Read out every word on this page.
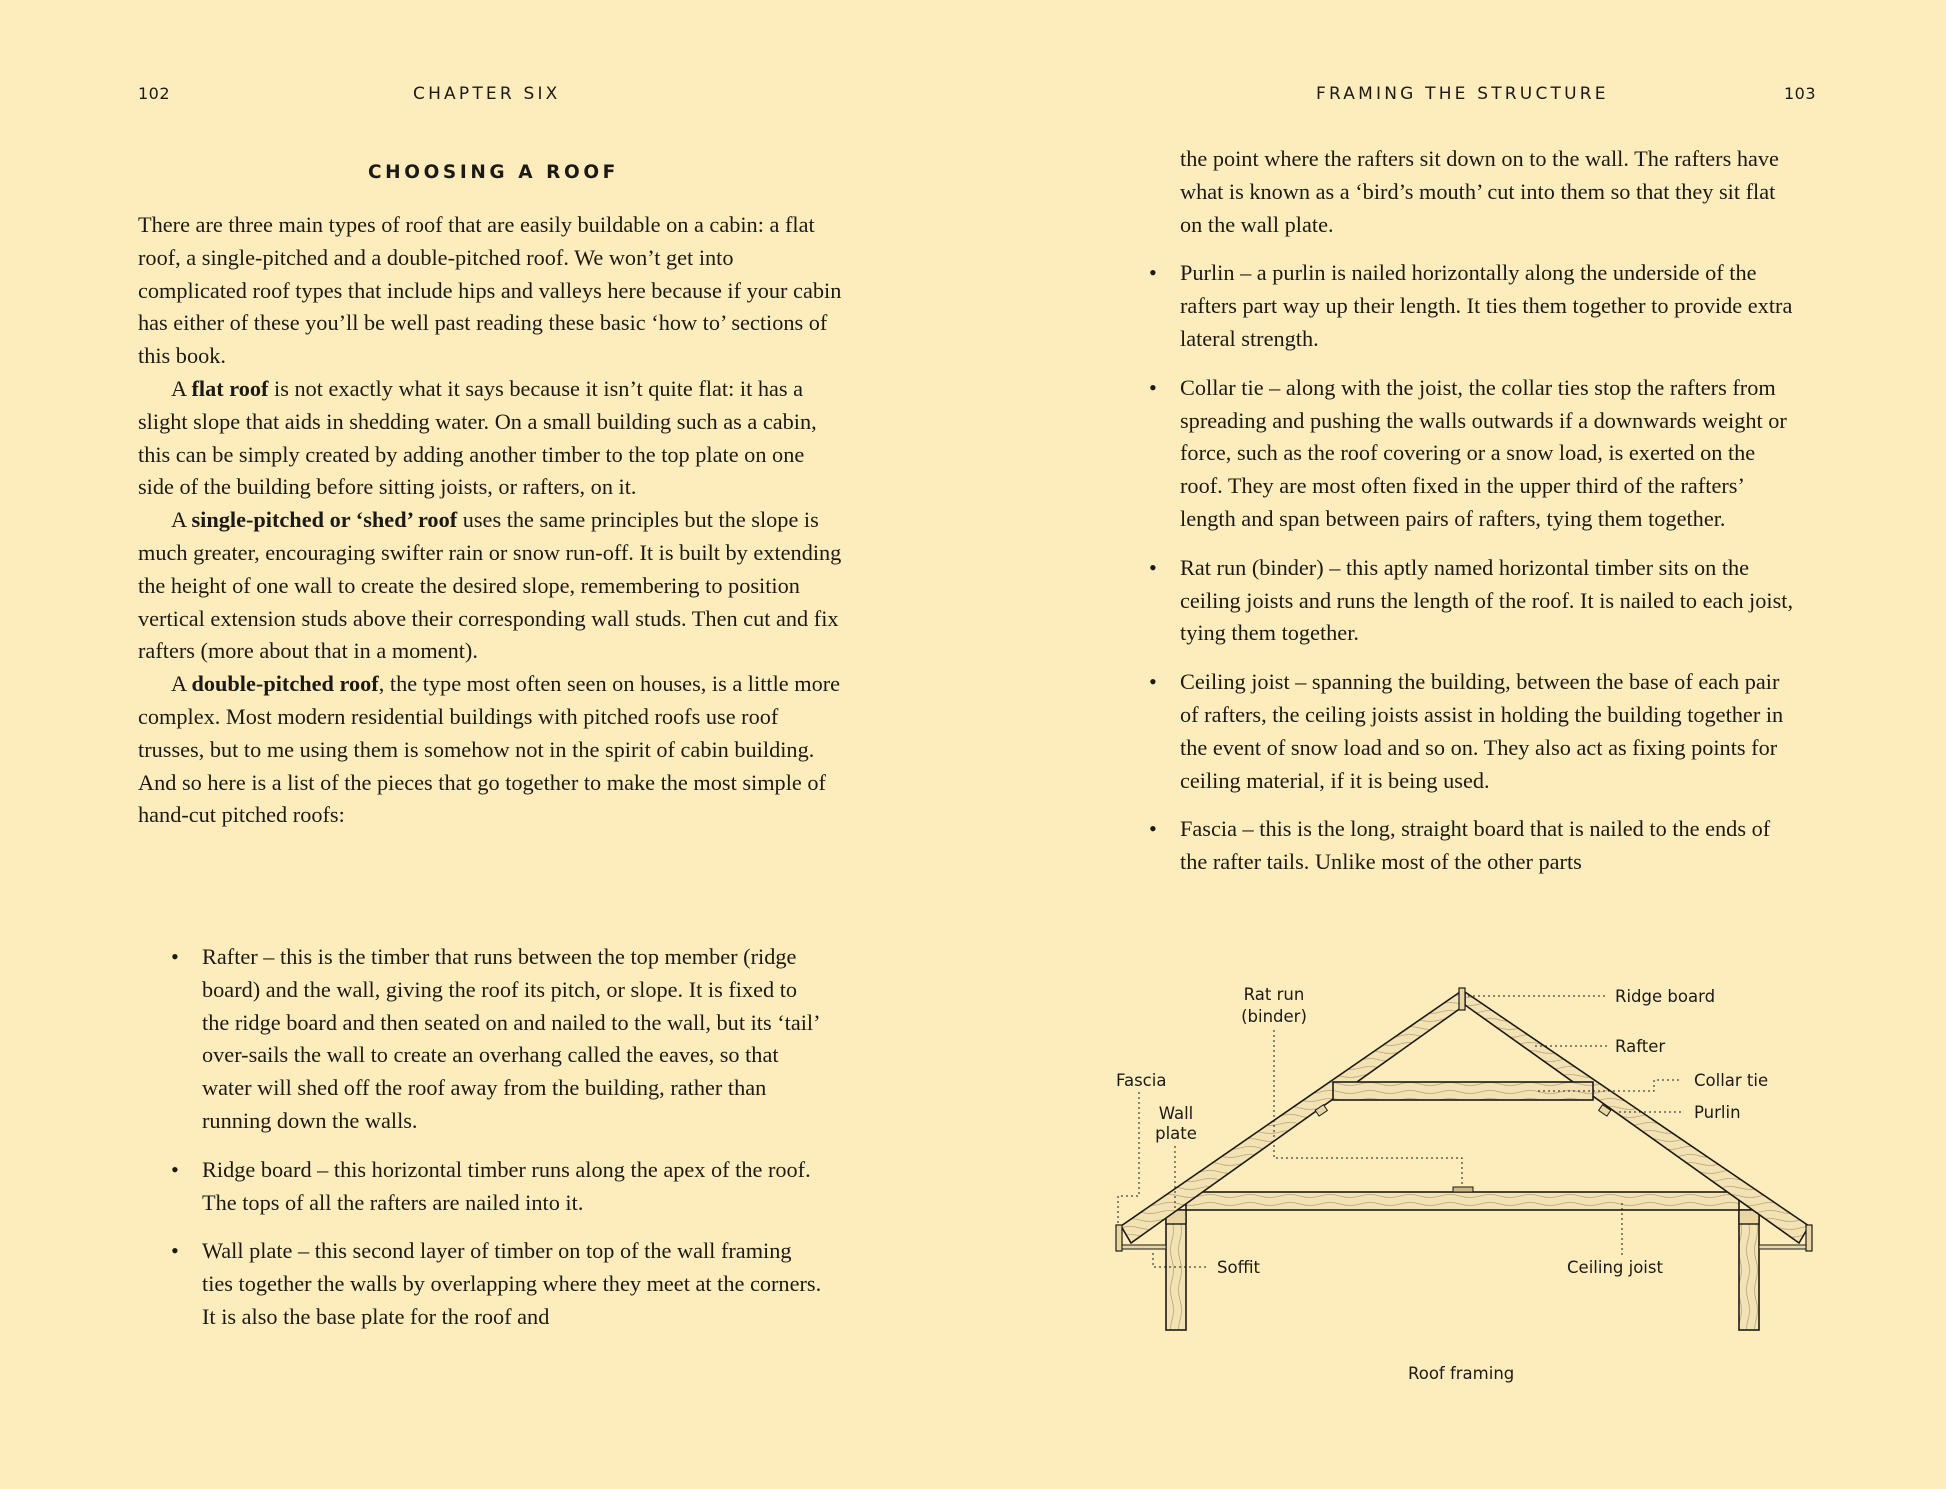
102	CHAPTER SIX
CHOOSING A ROOF

There are three main types of roof that are easily buildable on a cabin: a flat roof, a single-pitched and a double-pitched roof. We won’t get into complicated roof types that include hips and valleys here because if your cabin has either of these you’ll be well past reading these basic ‘how to’ sections of this book.

A flat roof is not exactly what it says because it isn’t quite flat: it has a slight slope that aids in shedding water. On a small building such as a cabin, this can be simply created by adding another timber to the top plate on one side of the building before sitting joists, or rafters, on it.

A single-pitched or ‘shed’ roof uses the same principles but the slope is much greater, encouraging swifter rain or snow run-off. It is built by extending the height of one wall to create the desired slope, remembering to position vertical extension studs above their corresponding wall studs. Then cut and fix rafters (more about that in a moment).

A double-pitched roof, the type most often seen on houses, is a little more complex. Most modern residential buildings with pitched roofs use roof trusses, but to me using them is somehow not in the spirit of cabin building. And so here is a list of the pieces that go together to make the most simple of hand-cut pitched roofs:

• Rafter – this is the timber that runs between the top member (ridge board) and the wall, giving the roof its pitch, or slope. It is fixed to the ridge board and then seated on and nailed to the wall, but its ‘tail’ over-sails the wall to create an overhang called the eaves, so that water will shed off the roof away from the building, rather than running down the walls.
• Ridge board – this horizontal timber runs along the apex of the roof. The tops of all the rafters are nailed into it.
• Wall plate – this second layer of timber on top of the wall framing ties together the walls by overlapping where they meet at the corners. It is also the base plate for the roof and
FRAMING THE STRUCTURE	103

the point where the rafters sit down on to the wall. The rafters have what is known as a ‘bird’s mouth’ cut into them so that they sit flat on the wall plate.

• Purlin – a purlin is nailed horizontally along the underside of the rafters part way up their length. It ties them together to provide extra lateral strength.
• Collar tie – along with the joist, the collar ties stop the rafters from spreading and pushing the walls outwards if a downwards weight or force, such as the roof covering or a snow load, is exerted on the roof. They are most often fixed in the upper third of the rafters’ length and span between pairs of rafters, tying them together.
• Rat run (binder) – this aptly named horizontal timber sits on the ceiling joists and runs the length of the roof. It is nailed to each joist, tying them together.
• Ceiling joist – spanning the building, between the base of each pair of rafters, the ceiling joists assist in holding the building together in the event of snow load and so on. They also act as fixing points for ceiling material, if it is being used.
• Fascia – this is the long, straight board that is nailed to the ends of the rafter tails. Unlike most of the other parts
Rat run
(binder)
Ridge board
Rafter
Collar tie
Purlin
Fascia
Wall
plate
Soffit	Ceiling joist
Roof framing
